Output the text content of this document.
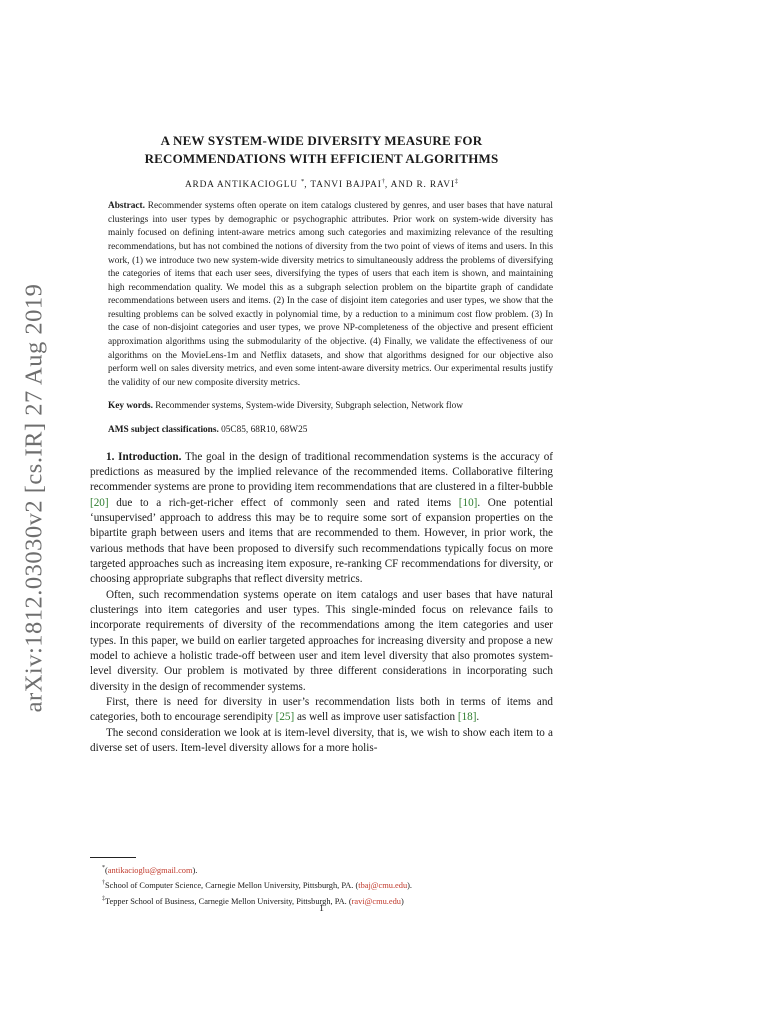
arXiv:1812.03030v2 [cs.IR] 27 Aug 2019
A NEW SYSTEM-WIDE DIVERSITY MEASURE FOR
RECOMMENDATIONS WITH EFFICIENT ALGORITHMS
ARDA ANTIKACIOGLU *, TANVI BAJPAI†, AND R. RAVI‡
Abstract. Recommender systems often operate on item catalogs clustered by genres, and user bases that have natural clusterings into user types by demographic or psychographic attributes. Prior work on system-wide diversity has mainly focused on defining intent-aware metrics among such categories and maximizing relevance of the resulting recommendations, but has not combined the notions of diversity from the two point of views of items and users. In this work, (1) we introduce two new system-wide diversity metrics to simultaneously address the problems of diversifying the categories of items that each user sees, diversifying the types of users that each item is shown, and maintaining high recommendation quality. We model this as a subgraph selection problem on the bipartite graph of candidate recommendations between users and items. (2) In the case of disjoint item categories and user types, we show that the resulting problems can be solved exactly in polynomial time, by a reduction to a minimum cost flow problem. (3) In the case of non-disjoint categories and user types, we prove NP-completeness of the objective and present efficient approximation algorithms using the submodularity of the objective. (4) Finally, we validate the effectiveness of our algorithms on the MovieLens-1m and Netflix datasets, and show that algorithms designed for our objective also perform well on sales diversity metrics, and even some intent-aware diversity metrics. Our experimental results justify the validity of our new composite diversity metrics.
Key words. Recommender systems, System-wide Diversity, Subgraph selection, Network flow
AMS subject classifications. 05C85, 68R10, 68W25

1. Introduction. The goal in the design of traditional recommendation systems is the accuracy of predictions as measured by the implied relevance of the recommended items. Collaborative filtering recommender systems are prone to providing item recommendations that are clustered in a filter-bubble [20] due to a rich-get-richer effect of commonly seen and rated items [10]. One potential ‘unsupervised’ approach to address this may be to require some sort of expansion properties on the bipartite graph between users and items that are recommended to them. However, in prior work, the various methods that have been proposed to diversify such recommendations typically focus on more targeted approaches such as increasing item exposure, re-ranking CF recommendations for diversity, or choosing appropriate subgraphs that reflect diversity metrics.

Often, such recommendation systems operate on item catalogs and user bases that have natural clusterings into item categories and user types. This single-minded focus on relevance fails to incorporate requirements of diversity of the recommendations among the item categories and user types. In this paper, we build on earlier targeted approaches for increasing diversity and propose a new model to achieve a holistic trade-off between user and item level diversity that also promotes system-level diversity. Our problem is motivated by three different considerations in incorporating such diversity in the design of recommender systems.

First, there is need for diversity in user’s recommendation lists both in terms of items and categories, both to encourage serendipity [25] as well as improve user satisfaction [18].

The second consideration we look at is item-level diversity, that is, we wish to show each item to a diverse set of users. Item-level diversity allows for a more holis-

*(antikacioglu@gmail.com).

†School of Computer Science, Carnegie Mellon University, Pittsburgh, PA. (tbaj@cmu.edu).

‡Tepper School of Business, Carnegie Mellon University, Pittsburgh, PA. (ravi@cmu.edu)

1
